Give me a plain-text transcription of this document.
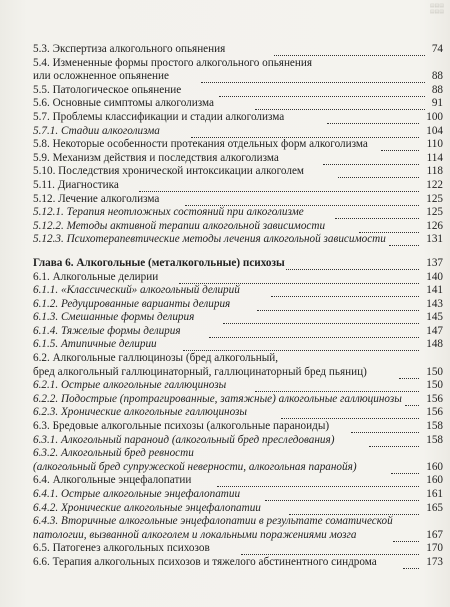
▤▤▤
▤▤▤
5.3. Экспертиза алкогольного опьянения	74
5.4. Измененные формы простого алкогольного опьянения
или осложненное опьянение	88
5.5. Патологическое опьянение	88
5.6. Основные симптомы алкоголизма	91
5.7. Проблемы классификации и стадии алкоголизма	100
5.7.1. Стадии алкоголизма	104
5.8. Некоторые особенности протекания отдельных форм алкоголизма	110
5.9. Механизм действия и последствия алкоголизма	114
5.10. Последствия хронической интоксикации алкоголем	118
5.11. Диагностика	122
5.12. Лечение алкоголизма	125
5.12.1. Терапия неотложных состояний при алкоголизме	125
5.12.2. Методы активной терапии алкогольной зависимости	126
5.12.3. Психотерапевтические методы лечения алкогольной зависимости	131
Глава 6. Алкогольные (металкогольные) психозы	137
6.1. Алкогольные делирии	140
6.1.1. «Классический» алкогольный делирий	141
6.1.2. Редуцированные варианты делирия	143
6.1.3. Смешанные формы делирия	145
6.1.4. Тяжелые формы делирия	147
6.1.5. Атипичные делирии	148
6.2. Алкогольные галлюцинозы (бред алкогольный,
бред алкогольный галлюцинаторный, галлюцинаторный бред пьяниц)	150
6.2.1. Острые алкогольные галлюцинозы	150
6.2.2. Подострые (протрагированные, затяжные) алкогольные галлюцинозы 156
6.2.3. Хронические алкогольные галлюцинозы	156
6.3. Бредовые алкогольные психозы (алкогольные параноиды)	158
6.3.1. Алкогольный параноид (алкогольный бред преследования)	158
6.3.2. Алкогольный бред ревности
(алкогольный бред супружеской неверности, алкогольная паранойя)	160
6.4. Алкогольные энцефалопатии	160
6.4.1. Острые алкогольные энцефалопатии	161
6.4.2. Хронические алкогольные энцефалопатии	165
6.4.3. Вторичные алкогольные энцефалопатии в результате соматической
патологии, вызванной алкоголем и локальными поражениями мозга	167
6.5. Патогенез алкогольных психозов	170
6.6. Терапия алкогольных психозов и тяжелого абстинентного синдрома	173
